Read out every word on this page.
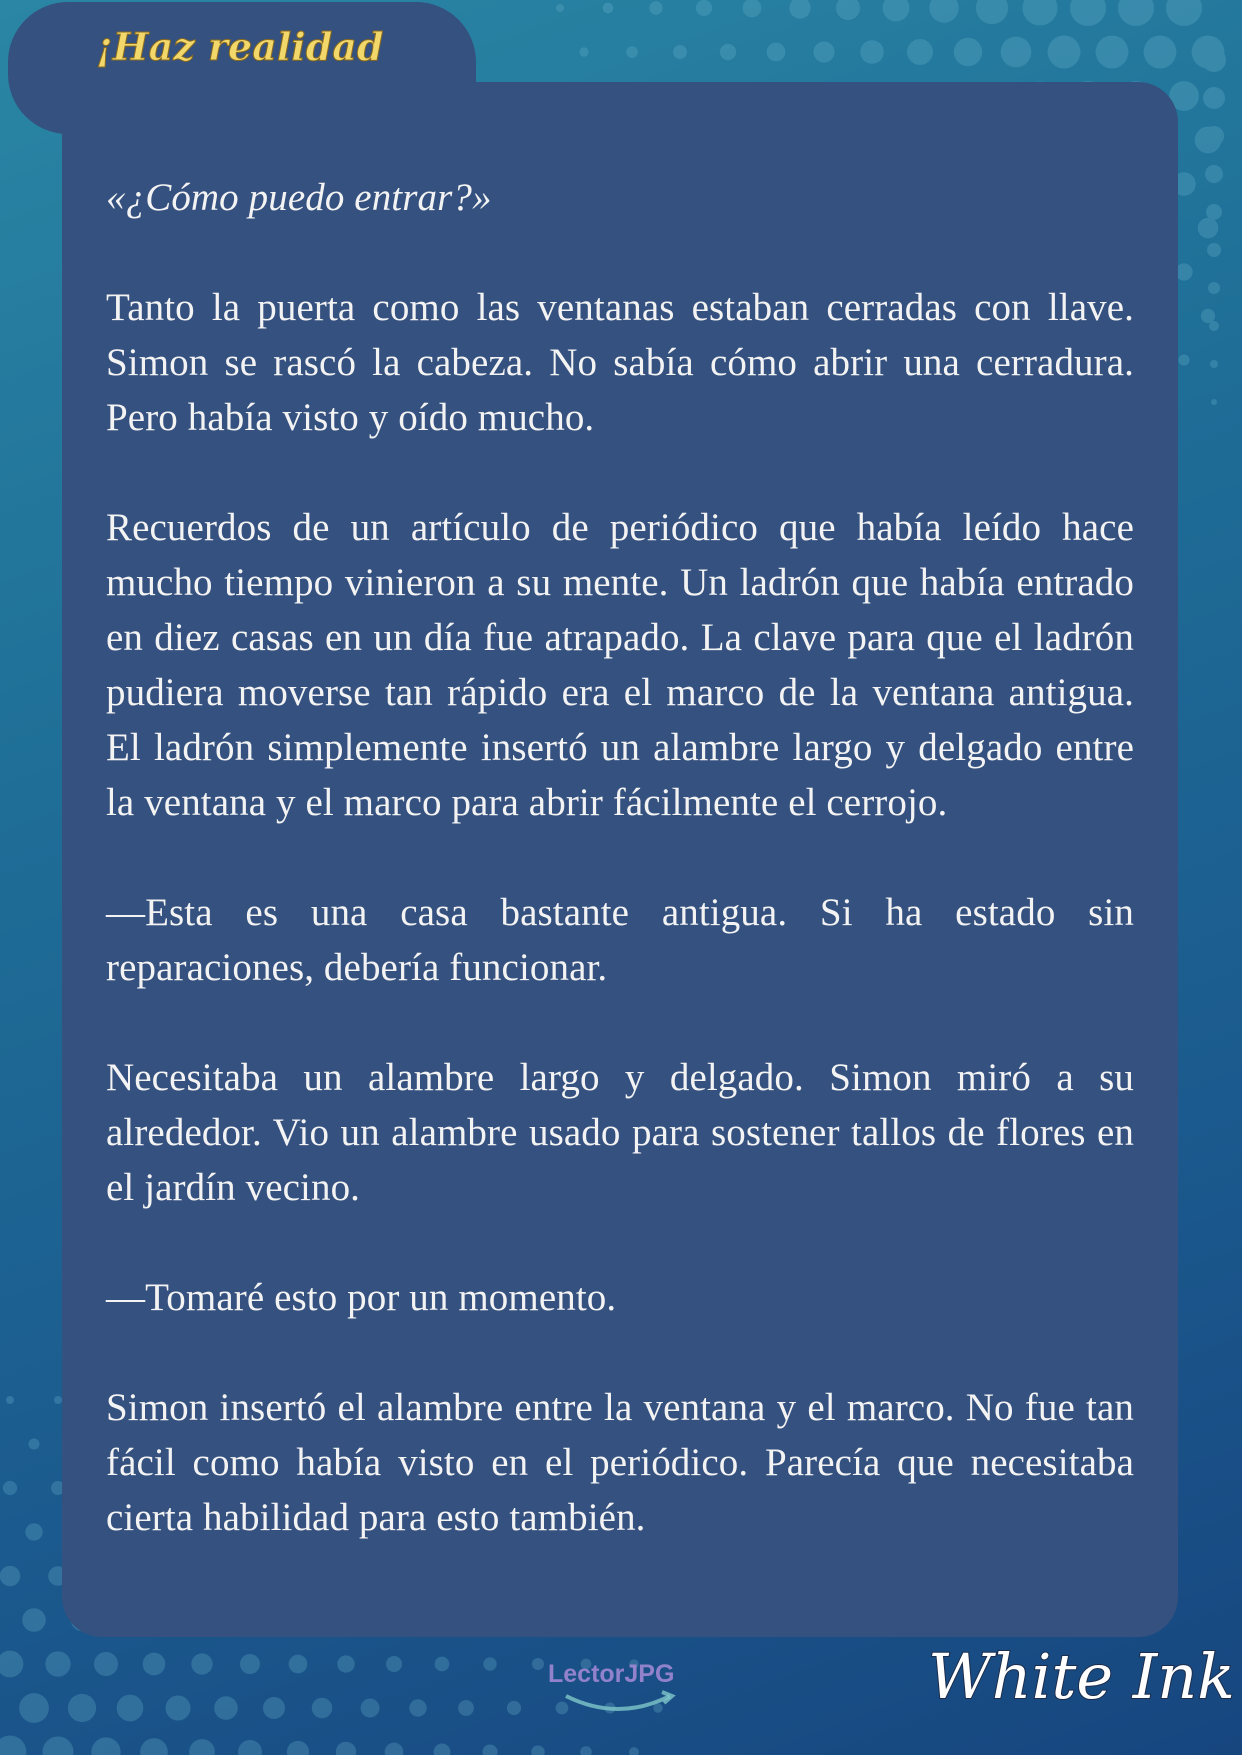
¡Haz realidad

«¿Cómo puedo entrar?»

Tanto la puerta como las ventanas estaban cerradas con llave. Simon se rascó la cabeza. No sabía cómo abrir una cerradura. Pero había visto y oído mucho.

Recuerdos de un artículo de periódico que había leído hace mucho tiempo vinieron a su mente. Un ladrón que había entrado en diez casas en un día fue atrapado. La clave para que el ladrón pudiera moverse tan rápido era el marco de la ventana antigua. El ladrón simplemente insertó un alambre largo y delgado entre la ventana y el marco para abrir fácilmente el cerrojo.

—Esta es una casa bastante antigua. Si ha estado sin reparaciones, debería funcionar.

Necesitaba un alambre largo y delgado. Simon miró a su alrededor. Vio un alambre usado para sostener tallos de flores en el jardín vecino.

—Tomaré esto por un momento.

Simon insertó el alambre entre la ventana y el marco. No fue tan fácil como había visto en el periódico. Parecía que necesitaba cierta habilidad para esto también.

LectorJPG	White Ink
